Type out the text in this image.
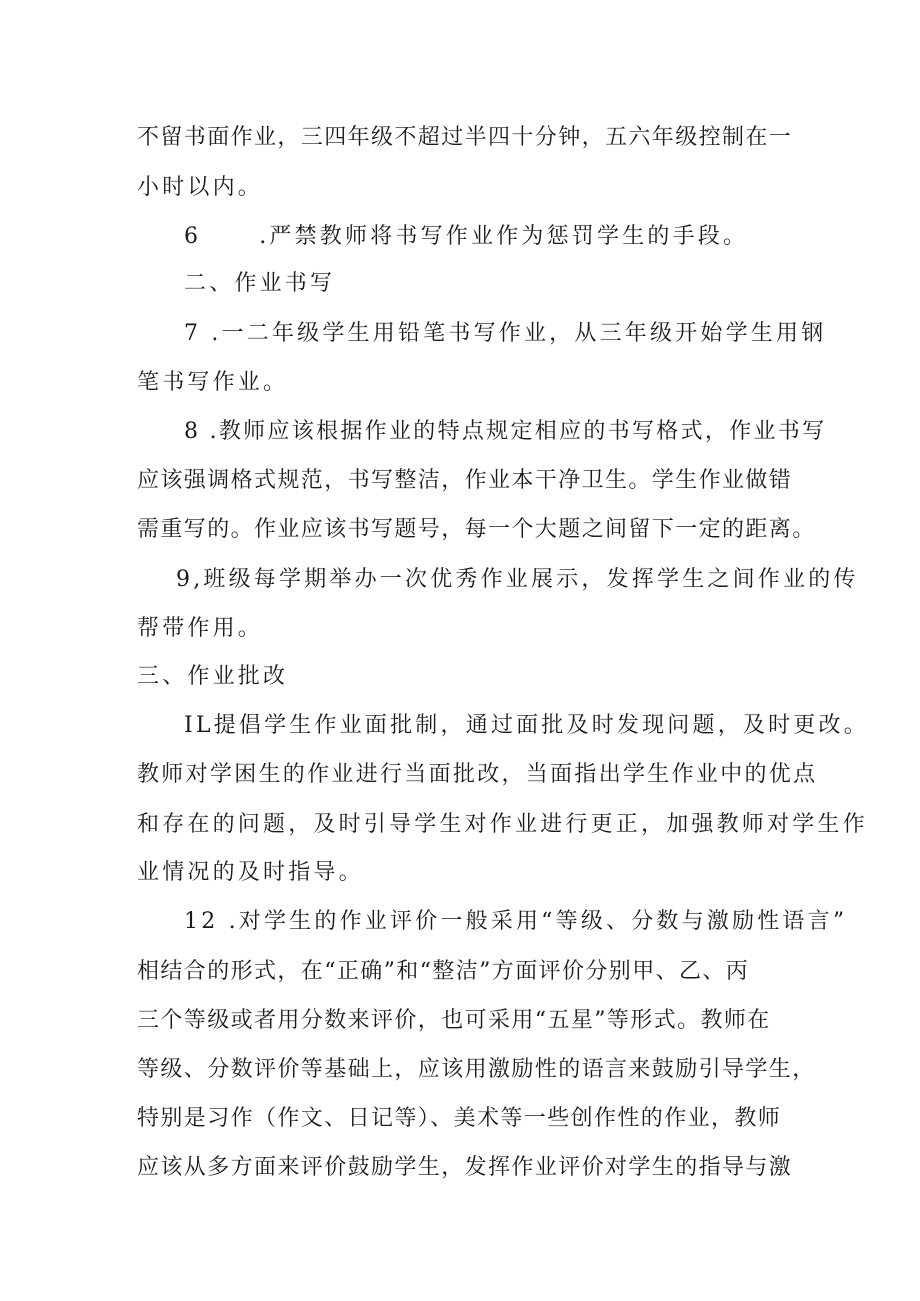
不留书面作业，三四年级不超过半四十分钟，五六年级控制在一
小时以内。
6	.严禁教师将书写作业作为惩罚学生的手段。
二、作业书写
7 .一二年级学生用铅笔书写作业，从三年级开始学生用钢
笔书写作业。
8 .教师应该根据作业的特点规定相应的书写格式，作业书写
应该强调格式规范，书写整洁，作业本干净卫生。学生作业做错
需重写的。作业应该书写题号，每一个大题之间留下一定的距离。
9,班级每学期举办一次优秀作业展示，发挥学生之间作业的传
帮带作用。
三、作业批改
IL提倡学生作业面批制，通过面批及时发现问题，及时更改。
教师对学困生的作业进行当面批改，当面指出学生作业中的优点
和存在的问题，及时引导学生对作业进行更正，加强教师对学生作
业情况的及时指导。
12 .对学生的作业评价一般采用“等级、分数与激励性语言”
相结合的形式，在“正确”和“整洁”方面评价分别甲、乙、丙
三个等级或者用分数来评价，也可采用“五星”等形式。教师在
等级、分数评价等基础上，应该用激励性的语言来鼓励引导学生，
特别是习作（作文、日记等）、美术等一些创作性的作业，教师
应该从多方面来评价鼓励学生，发挥作业评价对学生的指导与激
